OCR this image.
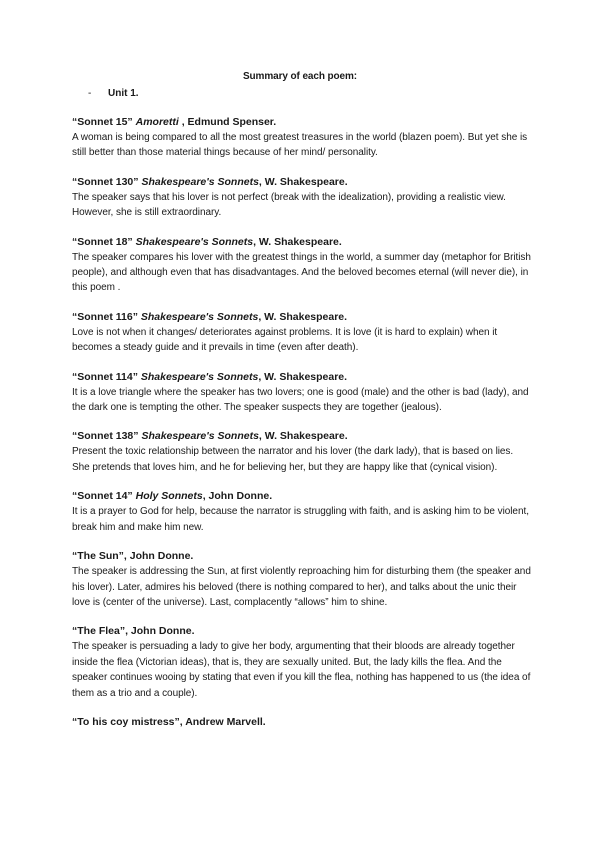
Summary of each poem:
- Unit 1.

“Sonnet 15” Amoretti , Edmund Spenser.

A woman is being compared to all the most greatest treasures in the world (blazen poem). But yet she is still better than those material things because of her mind/ personality.

“Sonnet 130” Shakespeare's Sonnets, W. Shakespeare.

The speaker says that his lover is not perfect (break with the idealization), providing a realistic view. However, she is still extraordinary.

“Sonnet 18” Shakespeare's Sonnets, W. Shakespeare.

The speaker compares his lover with the greatest things in the world, a summer day (metaphor for British people), and although even that has disadvantages. And the beloved becomes eternal (will never die), in this poem .

“Sonnet 116” Shakespeare's Sonnets, W. Shakespeare.

Love is not when it changes/ deteriorates against problems. It is love (it is hard to explain) when it becomes a steady guide and it prevails in time (even after death).

“Sonnet 114” Shakespeare's Sonnets, W. Shakespeare.

It is a love triangle where the speaker has two lovers; one is good (male) and the other is bad (lady), and the dark one is tempting the other. The speaker suspects they are together (jealous).

“Sonnet 138” Shakespeare's Sonnets, W. Shakespeare.

Present the toxic relationship between the narrator and his lover (the dark lady), that is based on lies. She pretends that loves him, and he for believing her, but they are happy like that (cynical vision).

“Sonnet 14” Holy Sonnets, John Donne.

It is a prayer to God for help, because the narrator is struggling with faith, and is asking him to be violent, break him and make him new.

“The Sun”, John Donne.

The speaker is addressing the Sun, at first violently reproaching him for disturbing them (the speaker and his lover). Later, admires his beloved (there is nothing compared to her), and talks about the unic their love is (center of the universe). Last, complacently “allows” him to shine.

“The Flea”, John Donne.

The speaker is persuading a lady to give her body, argumenting that their bloods are already together inside the flea (Victorian ideas), that is, they are sexually united. But, the lady kills the flea. And the speaker continues wooing by stating that even if you kill the flea, nothing has happened to us (the idea of them as a trio and a couple).

“To his coy mistress”, Andrew Marvell.
